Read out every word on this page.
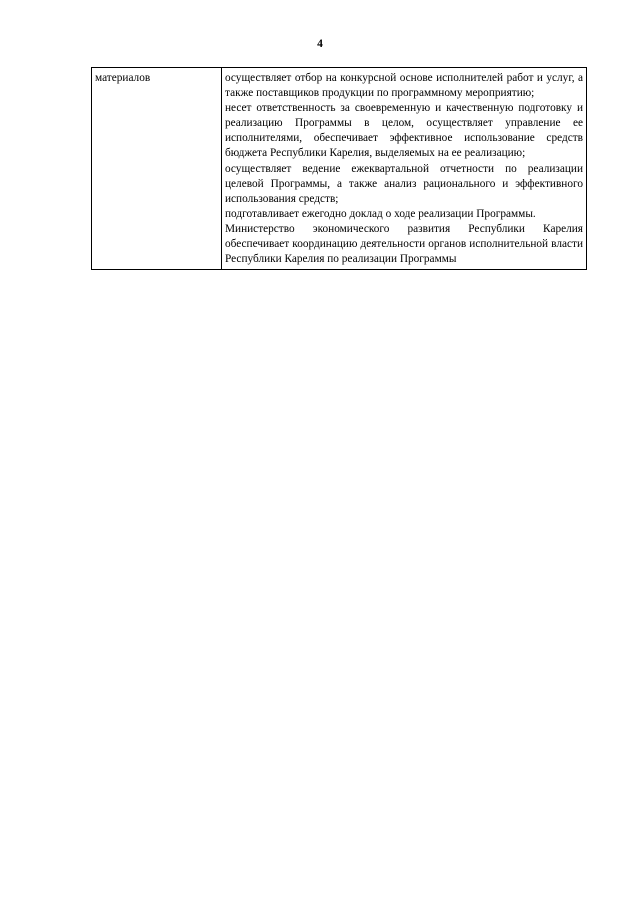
4
материалов	осуществляет отбор на конкурсной основе исполнителей работ и услуг, а также поставщиков продукции по программному мероприятию;

несет ответственность за своевременную и качественную подготовку и реализацию Программы в целом, осуществляет управление ее исполнителями, обеспечивает эффективное использование средств бюджета Республики Карелия, выделяемых на ее реализацию;

осуществляет ведение ежеквартальной отчетности по реализации целевой Программы, а также анализ рационального и эффективного использования средств;

подготавливает ежегодно доклад о ходе реализации Программы.

Министерство экономического развития Республики Карелия обеспечивает координацию деятельности органов исполнительной власти Республики Карелия по реализации Программы
